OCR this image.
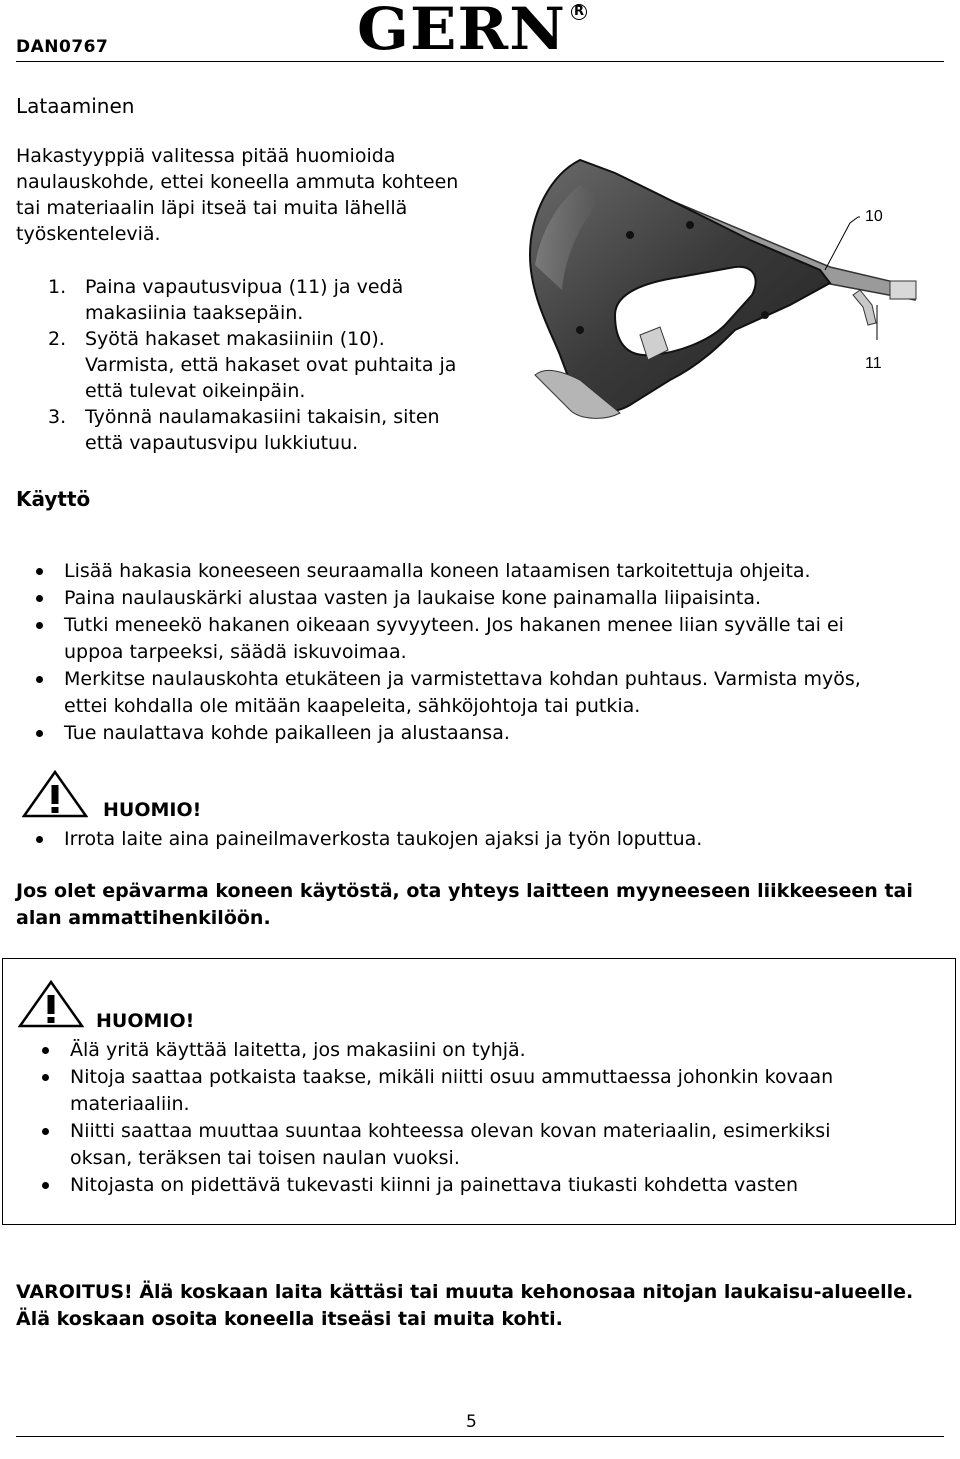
DAN0767	GERN R
Lataaminen
Hakastyyppiä valitessa pitää huomioida
naulauskohde, ettei koneella ammuta kohteen
tai materiaalin läpi itseä tai muita lähellä
työskenteleviä.
1. Paina vapautusvipua (11) ja vedä
makasiinia taaksepäin.
2. Syötä hakaset makasiiniin (10).
Varmista, että hakaset ovat puhtaita ja
että tulevat oikeinpäin.
3. Työnnä naulamakasiini takaisin, siten
että vapautusvipu lukkiutuu.
10
11
Käyttö
Lisää hakasia koneeseen seuraamalla koneen lataamisen tarkoitettuja ohjeita.
Paina naulauskärki alustaa vasten ja laukaise kone painamalla liipaisinta.
Tutki meneekö hakanen oikeaan syvyyteen. Jos hakanen menee liian syvälle tai ei
uppoa tarpeeksi, säädä iskuvoimaa.
Merkitse naulauskohta etukäteen ja varmistettava kohdan puhtaus. Varmista myös,
ettei kohdalla ole mitään kaapeleita, sähköjohtoja tai putkia.
Tue naulattava kohde paikalleen ja alustaansa.
HUOMIO!
Irrota laite aina paineilmaverkosta taukojen ajaksi ja työn loputtua.
Jos olet epävarma koneen käytöstä, ota yhteys laitteen myyneeseen liikkeeseen tai
alan ammattihenkilöön.
HUOMIO!
Älä yritä käyttää laitetta, jos makasiini on tyhjä.
Nitoja saattaa potkaista taakse, mikäli niitti osuu ammuttaessa johonkin kovaan
materiaaliin.
Niitti saattaa muuttaa suuntaa kohteessa olevan kovan materiaalin, esimerkiksi
oksan, teräksen tai toisen naulan vuoksi.
Nitojasta on pidettävä tukevasti kiinni ja painettava tiukasti kohdetta vasten
VAROITUS! Älä koskaan laita kättäsi tai muuta kehonosaa nitojan laukaisu-alueelle.
Älä koskaan osoita koneella itseäsi tai muita kohti.
5
